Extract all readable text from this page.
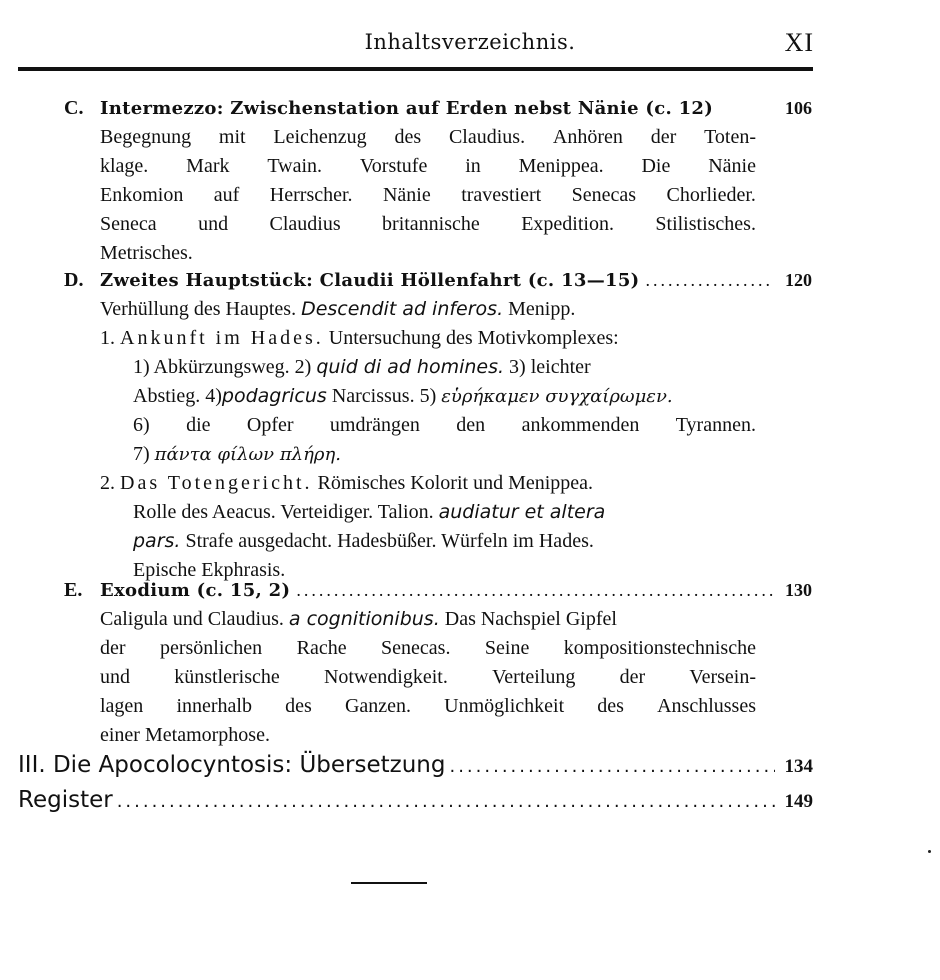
Inhaltsverzeichnis.	XI
C. Intermezzo: Zwischenstation auf Erden nebst Nänie (c. 12)	106
Begegnung mit Leichenzug des Claudius. Anhören der Toten-
klage. Mark Twain. Vorstufe in Menippea. Die Nänie
Enkomion auf Herrscher. Nänie travestiert Senecas Chorlieder.
Seneca und Claudius britannische Expedition. Stilistisches.
Metrisches.
D. Zweites Hauptstück: Claudii Höllenfahrt (c. 13—15) .....	120
Verhüllung des Hauptes. Descendit ad inferos. Menipp.
1. Ankunft im Hades. Untersuchung des Motivkomplexes:
1) Abkürzungsweg. 2) quid di ad homines. 3) leichter
Abstieg. 4)podagricus Narcissus. 5) εὑρήκαμεν συγχαίρωμεν.
6) die Opfer umdrängen den ankommenden Tyrannen.
7) πάντα φίλων πλήρη.
2. Das Totengericht. Römisches Kolorit und Menippea.
Rolle des Aeacus. Verteidiger. Talion. audiatur et altera
pars. Strafe ausgedacht. Hadesbüßer. Würfeln im Hades.
Epische Ekphrasis.
E. Exodium (c. 15, 2) .....	130
Caligula und Claudius. a cognitionibus. Das Nachspiel Gipfel
der persönlichen Rache Senecas. Seine kompositionstechnische
und künstlerische Notwendigkeit. Verteilung der Versein-
lagen innerhalb des Ganzen. Unmöglichkeit des Anschlusses
einer Metamorphose.
III. Die Apocolocyntosis: Übersetzung .....	134
Register .....	149
